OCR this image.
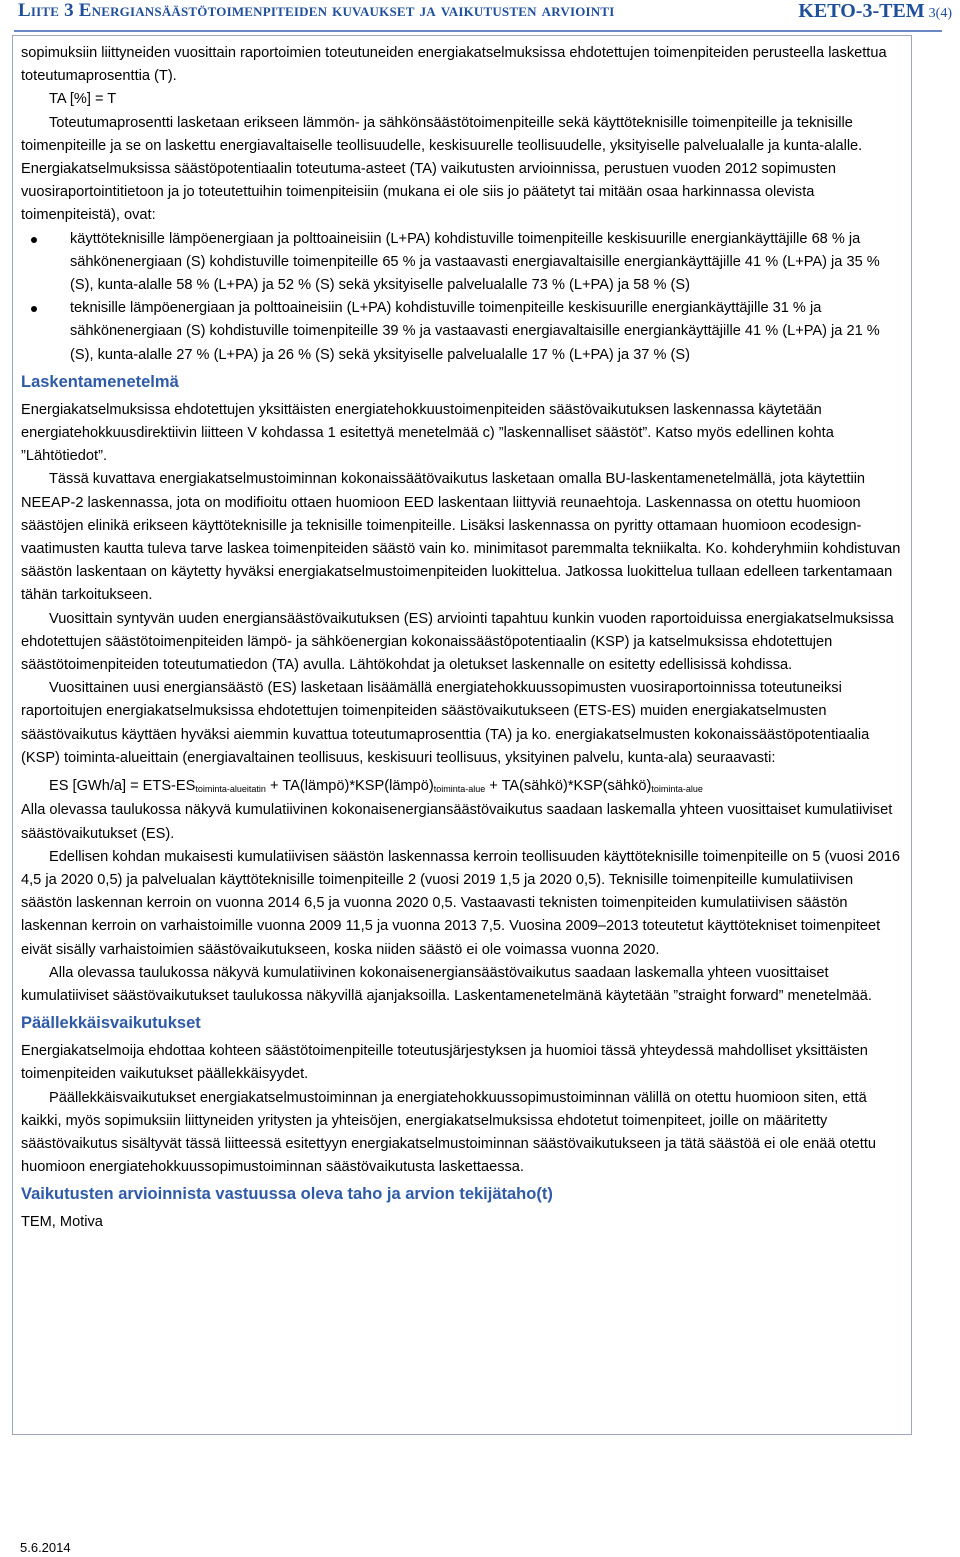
Liite 3 Energiansäästötoimenpiteiden kuvaukset ja vaikutusten arviointi	KETO-3-TEM 3(4)

sopimuksiin liittyneiden vuosittain raportoimien toteutuneiden energiakatselmuksissa ehdotettujen toimenpiteiden perusteella laskettua toteutumaprosenttia (T).

TA [%] = T

Toteutumaprosentti lasketaan erikseen lämmön- ja sähkönsäästötoimenpiteille sekä käyttöteknisille toimenpiteille ja teknisille toimenpiteille ja se on laskettu energiavaltaiselle teollisuudelle, keskisuurelle teollisuudelle, yksityiselle palvelualalle ja kunta-alalle. Energiakatselmuksissa säästöpotentiaalin toteutuma-asteet (TA) vaikutusten arvioinnissa, perustuen vuoden 2012 sopimusten vuosiraportointitietoon ja jo toteutettuihin toimenpiteisiin (mukana ei ole siis jo päätetyt tai mitään osaa harkinnassa olevista toimenpiteistä), ovat:

käyttöteknisille lämpöenergiaan ja polttoaineisiin (L+PA) kohdistuville toimenpiteille keskisuurille energiankäyttäjille 68 % ja sähkönenergiaan (S) kohdistuville toimenpiteille 65 % ja vastaavasti energiavaltaisille energiankäyttäjille 41 % (L+PA) ja 35 % (S), kunta-alalle 58 % (L+PA) ja 52 % (S) sekä yksityiselle palvelualalle 73 % (L+PA) ja 58 % (S)
teknisille lämpöenergiaan ja polttoaineisiin (L+PA) kohdistuville toimenpiteille keskisuurille energiankäyttäjille 31 % ja sähkönenergiaan (S) kohdistuville toimenpiteille 39 % ja vastaavasti energiavaltaisille energiankäyttäjille 41 % (L+PA) ja 21 % (S), kunta-alalle 27 % (L+PA) ja 26 % (S) sekä yksityiselle palvelualalle 17 % (L+PA) ja 37 % (S)
Laskentamenetelmä

Energiakatselmuksissa ehdotettujen yksittäisten energiatehokkuustoimenpiteiden säästövaikutuksen laskennassa käytetään energiatehokkuusdirektiivin liitteen V kohdassa 1 esitettyä menetelmää c) ”laskennalliset säästöt”. Katso myös edellinen kohta ”Lähtötiedot”.

Tässä kuvattava energiakatselmustoiminnan kokonaissäätövaikutus lasketaan omalla BU-laskentamenetelmällä, jota käytettiin NEEAP-2 laskennassa, jota on modifioitu ottaen huomioon EED laskentaan liittyviä reunaehtoja. Laskennassa on otettu huomioon säästöjen elinikä erikseen käyttöteknisille ja teknisille toimenpiteille. Lisäksi laskennassa on pyritty ottamaan huomioon ecodesign-vaatimusten kautta tuleva tarve laskea toimenpiteiden säästö vain ko. minimitasot paremmalta tekniikalta. Ko. kohderyhmiin kohdistuvan säästön laskentaan on käytetty hyväksi energiakatselmustoimenpiteiden luokittelua. Jatkossa luokittelua tullaan edelleen tarkentamaan tähän tarkoitukseen.

Vuosittain syntyvän uuden energiansäästövaikutuksen (ES) arviointi tapahtuu kunkin vuoden raportoiduissa energiakatselmuksissa ehdotettujen säästötoimenpiteiden lämpö- ja sähköenergian kokonaissäästöpotentiaalin (KSP) ja katselmuksissa ehdotettujen säästötoimenpiteiden toteutumatiedon (TA) avulla. Lähtökohdat ja oletukset laskennalle on esitetty edellisissä kohdissa.

Vuosittainen uusi energiansäästö (ES) lasketaan lisäämällä energiatehokkuussopimusten vuosiraportoinnissa toteutuneiksi raportoitujen energiakatselmuksissa ehdotettujen toimenpiteiden säästövaikutukseen (ETS-ES) muiden energiakatselmusten säästövaikutus käyttäen hyväksi aiemmin kuvattua toteutumaprosenttia (TA) ja ko. energiakatselmusten kokonaissäästöpotentiaalia (KSP) toiminta-alueittain (energiavaltainen teollisuus, keskisuuri teollisuus, yksityinen palvelu, kunta-ala) seuraavasti:

ES [GWh/a] = ETS-$ES_{toiminta-alueitatin}$ + $TA(lämpö)*KSP(lämpö)_{toiminta-alue}$ + $TA(sähkö)*KSP(sähkö)_{toiminta-alue}$

Alla olevassa taulukossa näkyvä kumulatiivinen kokonaisenergiansäästövaikutus saadaan laskemalla yhteen vuosittaiset kumulatiiviset säästövaikutukset (ES).

Edellisen kohdan mukaisesti kumulatiivisen säästön laskennassa kerroin teollisuuden käyttöteknisille toimenpiteille on 5 (vuosi 2016 4,5 ja 2020 0,5) ja palvelualan käyttöteknisille toimenpiteille 2 (vuosi 2019 1,5 ja 2020 0,5). Teknisille toimenpiteille kumulatiivisen säästön laskennan kerroin on vuonna 2014 6,5 ja vuonna 2020 0,5. Vastaavasti teknisten toimenpiteiden kumulatiivisen säästön laskennan kerroin on varhaistoimille vuonna 2009 11,5 ja vuonna 2013 7,5. Vuosina 2009–2013 toteutetut käyttötekniset toimenpiteet eivät sisälly varhaistoimien säästövaikutukseen, koska niiden säästö ei ole voimassa vuonna 2020.

Alla olevassa taulukossa näkyvä kumulatiivinen kokonaisenergiansäästövaikutus saadaan laskemalla yhteen vuosittaiset kumulatiiviset säästövaikutukset taulukossa näkyvillä ajanjaksoilla. Laskentamenetelmänä käytetään ”straight forward” menetelmää.

Päällekkäisvaikutukset

Energiakatselmoija ehdottaa kohteen säästötoimenpiteille toteutusjärjestyksen ja huomioi tässä yhteydessä mahdolliset yksittäisten toimenpiteiden vaikutukset päällekkäisyydet.

Päällekkäisvaikutukset energiakatselmustoiminnan ja energiatehokkuussopimustoiminnan välillä on otettu huomioon siten, että kaikki, myös sopimuksiin liittyneiden yritysten ja yhteisöjen, energiakatselmuksissa ehdotetut toimenpiteet, joille on määritetty säästövaikutus sisältyvät tässä liitteessä esitettyyn energiakatselmustoiminnan säästövaikutukseen ja tätä säästöä ei ole enää otettu huomioon energiatehokkuussopimustoiminnan säästövaikutusta laskettaessa.

Vaikutusten arvioinnista vastuussa oleva taho ja arvion tekijätaho(t)

TEM, Motiva

5.6.2014
